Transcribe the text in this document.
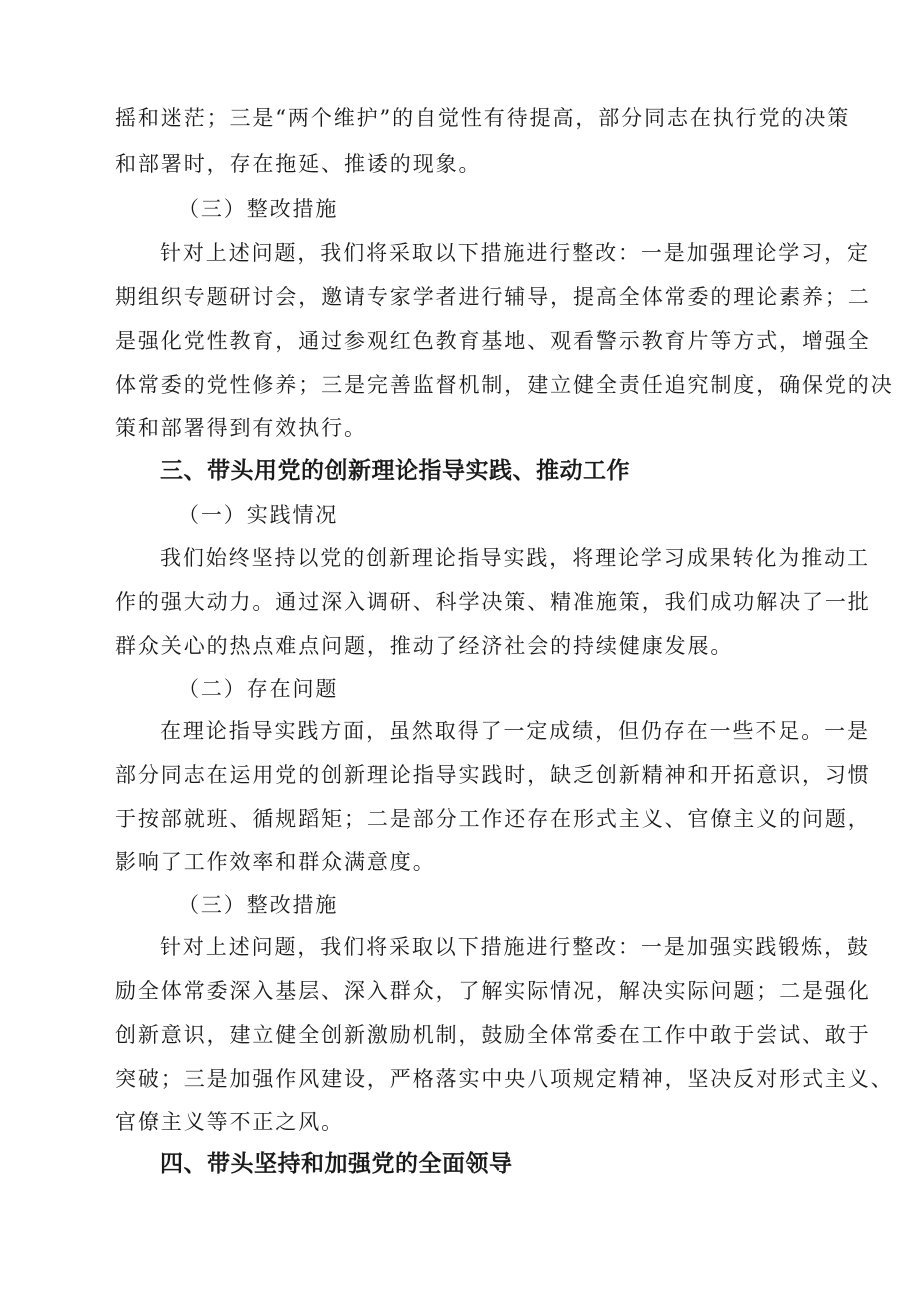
摇和迷茫；三是“两个维护”的自觉性有待提高，部分同志在执行党的决策
和部署时，存在拖延、推诿的现象。
（三）整改措施
针对上述问题，我们将采取以下措施进行整改：一是加强理论学习，定
期组织专题研讨会，邀请专家学者进行辅导，提高全体常委的理论素养；二
是强化党性教育，通过参观红色教育基地、观看警示教育片等方式，增强全
体常委的党性修养；三是完善监督机制，建立健全责任追究制度，确保党的决
策和部署得到有效执行。
三、带头用党的创新理论指导实践、推动工作
（一）实践情况
我们始终坚持以党的创新理论指导实践，将理论学习成果转化为推动工
作的强大动力。通过深入调研、科学决策、精准施策，我们成功解决了一批
群众关心的热点难点问题，推动了经济社会的持续健康发展。
（二）存在问题
在理论指导实践方面，虽然取得了一定成绩，但仍存在一些不足。一是
部分同志在运用党的创新理论指导实践时，缺乏创新精神和开拓意识，习惯
于按部就班、循规蹈矩；二是部分工作还存在形式主义、官僚主义的问题，
影响了工作效率和群众满意度。
（三）整改措施
针对上述问题，我们将采取以下措施进行整改：一是加强实践锻炼，鼓
励全体常委深入基层、深入群众，了解实际情况，解决实际问题；二是强化
创新意识，建立健全创新激励机制，鼓励全体常委在工作中敢于尝试、敢于
突破；三是加强作风建设，严格落实中央八项规定精神，坚决反对形式主义、
官僚主义等不正之风。
四、带头坚持和加强党的全面领导
